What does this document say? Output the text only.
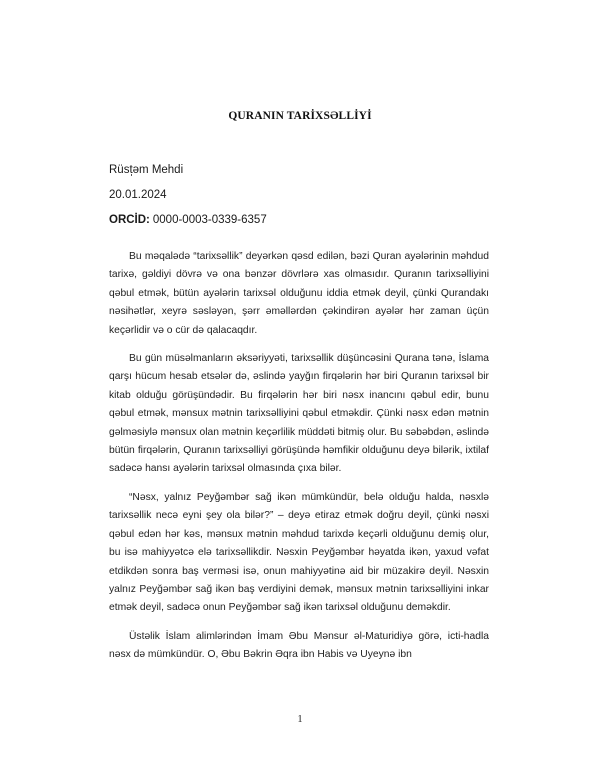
QURANIN TARİXSƏLLİYİ
Rüst̩əm Mehdi
20.01.2024
ORCİD: 0000-0003-0339-6357

Bu məqalədə “tarixsəllik” deyərkən qəsd edilən, bəzi Quran ayələrinin məhdud tarixə, gəldiyi dövrə və ona bənzər dövrlərə xas olmasıdır. Quranın tarixsəlliyini qəbul etmək, bütün ayələrin tarixsəl olduğunu iddia etmək deyil, çünki Qurandakı nəsihətlər, xeyrə səsləyən, şərr əməllərdən çəkindirən ayələr hər zaman üçün keçərlidir və o cür də qalacaqdır.

Bu gün müsəlmanların əksəriyyəti, tarixsəllik düşüncəsini Qurana tənə, İslama qarşı hücum hesab etsələr də, əslində yayğın firqələrin hər biri Quranın tarixsəl bir kitab olduğu görüşündədir. Bu firqələrin hər biri nəsx inancını qəbul edir, bunu qəbul etmək, mənsux mətnin tarixsəlliyini qəbul etməkdir. Çünki nəsx edən mətnin gəlməsiylə mənsux olan mətnin keçərlilik müddəti bitmiş olur. Bu səbəbdən, əslində bütün firqələrin, Quranın tarixsəlliyi görüşündə həmfikir olduğunu deyə bilərik, ixtilaf sadəcə hansı ayələrin tarixsəl olmasında çıxa bilər.

“Nəsx, yalnız Peyğəmbər sağ ikən mümkündür, belə olduğu halda, nəsxlə tarixsəllik necə eyni şey ola bilər?” – deyə etiraz etmək doğru deyil, çünki nəsxi qəbul edən hər kəs, mənsux mətnin məhdud tarixdə keçərli olduğunu demiş olur, bu isə mahiyyətcə elə tarixsəllikdir. Nəsxin Peyğəmbər həyatda ikən, yaxud vəfat etdikdən sonra baş verməsi isə, onun mahiyyətinə aid bir müzakirə deyil. Nəsxin yalnız Peyğəmbər sağ ikən baş verdiyini demək, mənsux mətnin tarixsəlliyini inkar etmək deyil, sadəcə onun Peyğəmbər sağ ikən tarixsəl olduğunu deməkdir.

Üstəlik İslam alimlərindən İmam Əbu Mənsur əl-Maturidiyə görə, icti-hadla nəsx də mümkündür. O, Əbu Bəkrin Əqra ibn Habis və Uyeynə ibn

1
